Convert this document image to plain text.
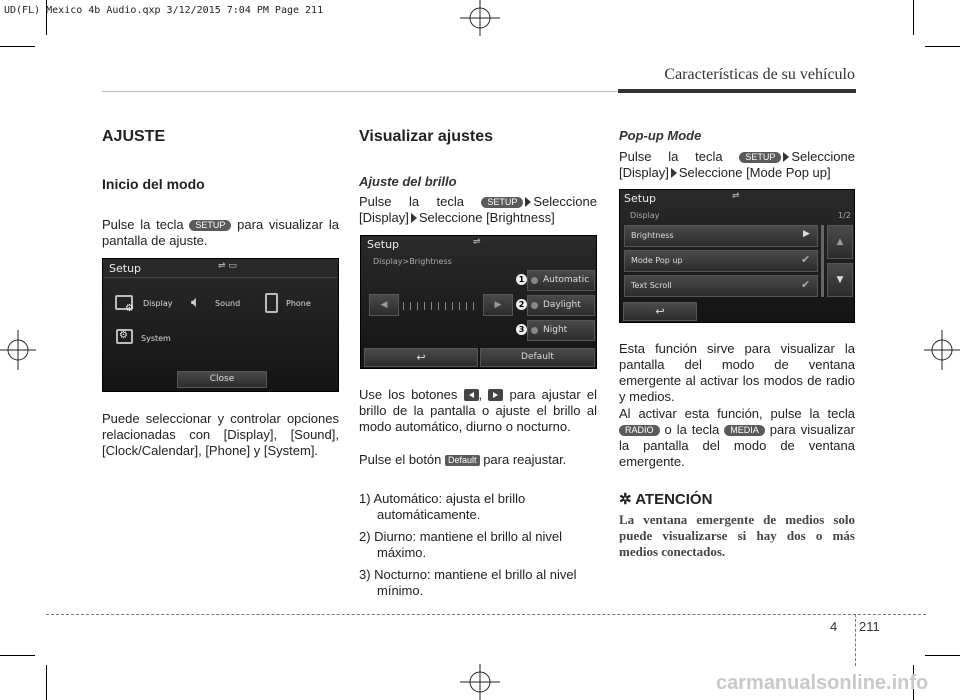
UD(FL) Mexico 4b Audio.qxp 3/12/2015 7:04 PM Page 211
Características de su vehículo
AJUSTE
Inicio del modo

Pulse la tecla SETUP para visualizar la pantalla de ajuste.

Setup	⇌ ▭
⚙ Display 🔈︎ Sound	Phone
⚙ System
Close

Puede seleccionar y controlar opciones relacionadas con [Display], [Sound], [Clock/Calendar], [Phone] y [System].

Visualizar ajustes
Ajuste del brillo

Pulse la tecla	SETUP Seleccione [Display] Seleccione [Brightness]

Setup	⇌
Display>Brightness
◀	▶
1	Automatic
2	Daylight
3	Night
↩	Default

Use los botones , para ajustar el brillo de la pantalla o ajuste el brillo al modo automático, diurno o nocturno.

Pulse el botón Default para reajustar.

1) Automático: ajusta el brillo automáticamente.
2) Diurno: mantiene el brillo al nivel máximo.
3) Nocturno: mantiene el brillo al nivel mínimo.
Pop-up Mode

Pulse la tecla	SETUP Seleccione [Display] Seleccione [Mode Pop up]

Setup	⇌
Display	1/2
Brightness	▶
Mode Pop up	✔
Text Scroll	✔
▲
▼
↩

Esta función sirve para visualizar la pantalla del modo de ventana emergente al activar los modos de radio y medios.

Al activar esta función, pulse la tecla RADIO o la tecla MEDIA para visualizar la pantalla del modo de ventana emergente.

✲ ATENCIÓN

La ventana emergente de medios solo puede visualizarse si hay dos o más medios conectados.

4 211
carmanualsonline.info
